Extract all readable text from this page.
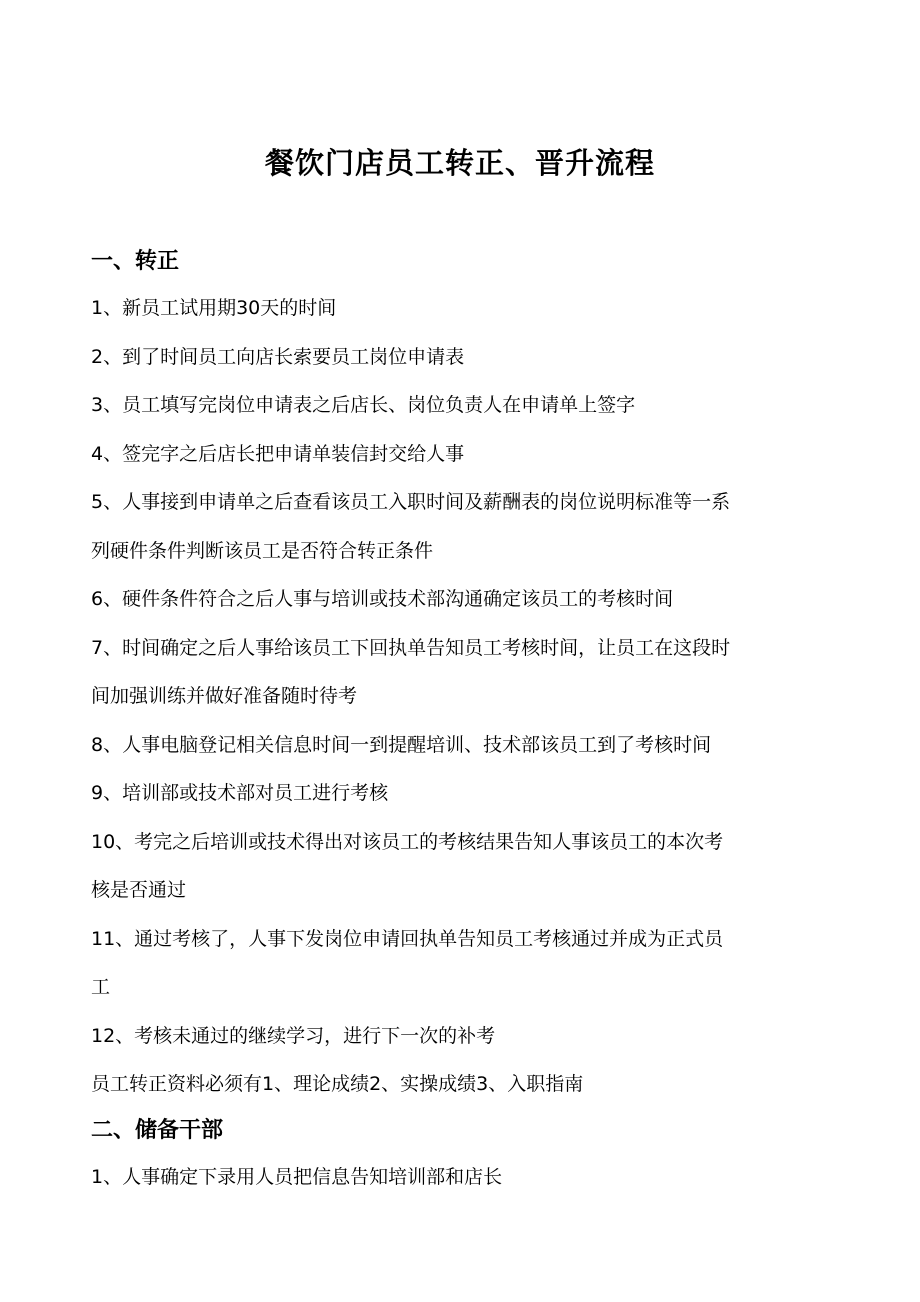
餐饮门店员工转正、晋升流程
一、转正

1、新员工试用期30天的时间

2、到了时间员工向店长索要员工岗位申请表

3、员工填写完岗位申请表之后店长、岗位负责人在申请单上签字

4、签完字之后店长把申请单装信封交给人事

5、人事接到申请单之后查看该员工入职时间及薪酬表的岗位说明标准等一系

列硬件条件判断该员工是否符合转正条件

6、硬件条件符合之后人事与培训或技术部沟通确定该员工的考核时间

7、时间确定之后人事给该员工下回执单告知员工考核时间，让员工在这段时

间加强训练并做好准备随时待考

8、人事电脑登记相关信息时间一到提醒培训、技术部该员工到了考核时间

9、培训部或技术部对员工进行考核

10、考完之后培训或技术得出对该员工的考核结果告知人事该员工的本次考

核是否通过

11、通过考核了，人事下发岗位申请回执单告知员工考核通过并成为正式员

工

12、考核未通过的继续学习，进行下一次的补考

员工转正资料必须有1、理论成绩2、实操成绩3、入职指南

二、储备干部

1、人事确定下录用人员把信息告知培训部和店长
